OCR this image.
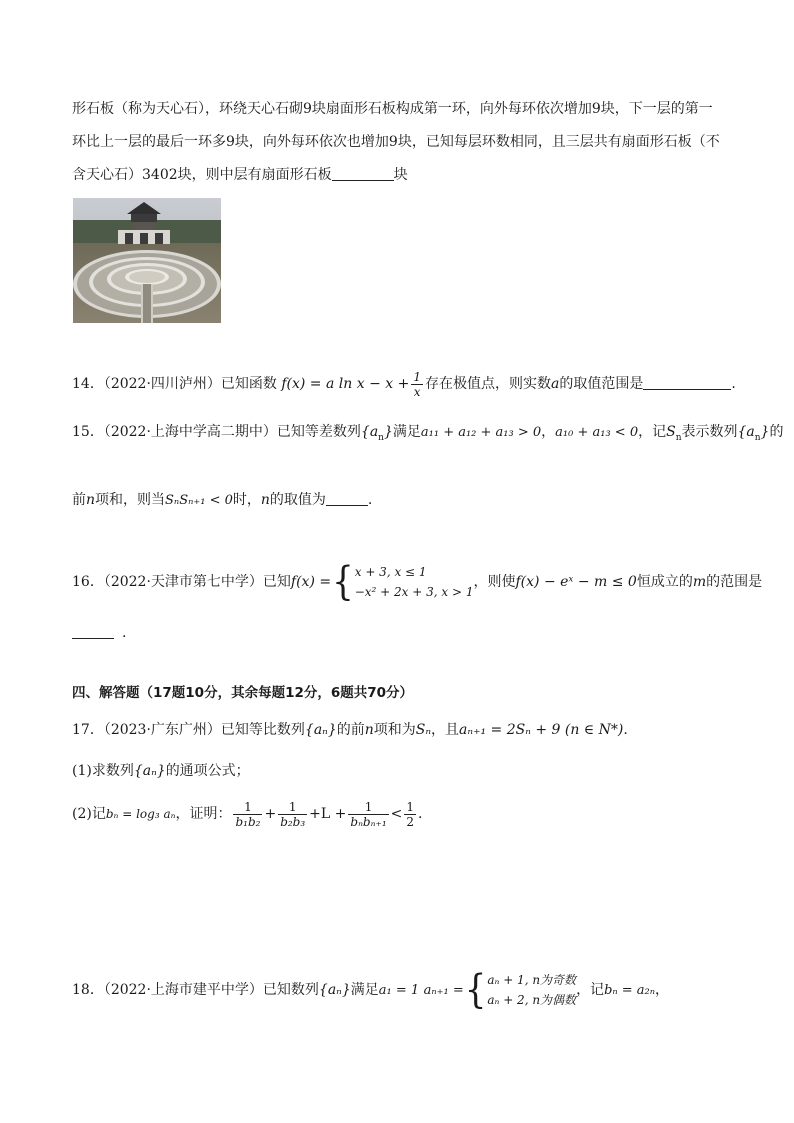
形石板（称为天心石），环绕天心石砌9块扇面形石板构成第一环，向外每环依次增加9块，下一层的第一
环比上一层的最后一环多9块，向外每环依次也增加9块，已知每层环数相同，且三层共有扇面形石板（不
含天心石）3402块，则中层有扇面形石板	块
14．（2022·四川泸州）已知函数 f(x) = a $\ln x - x + \frac{1}{x}$ 存在极值点，则实数a的取值范围是	.
15．（2022·上海中学高二期中）已知等差数列$\{a_n\}$满足a₁₁ + a₁₂ + a₁₃ > 0，a₁₀ + a₁₃ < 0，记$S_n$表示数列$\{a_n\}$的
前n项和，则当SₙSₙ₊₁ < 0时，n的取值为	.
16．（2022·天津市第七中学）已知f(x) ={ x + 3, x ≤ 1
−x² + 2x + 3, x > 1
，则使f(x) − eˣ − m ≤ 0恒成立的m的范围是
.
四、解答题（17题10分，其余每题12分，6题共70分）
17．（2023·广东广州）已知等比数列{aₙ}的前n项和为Sₙ，且aₙ₊₁ = 2Sₙ + 9 (n ∈ N*).
(1)求数列{aₙ}的通项公式；
(2)记bₙ = log₃ aₙ，证明： $\frac{1}{\text{b₁b₂}} + \frac{1}{\text{b₂b₃}} +L + \frac{1}{\text{bₙbₙ₊₁}} < \frac{1}{2}$ .
18．（2022·上海市建平中学）已知数列{aₙ}满足a₁ = 1 aₙ₊₁ ={ aₙ + 1, n为奇数
aₙ + 2, n为偶数
，记bₙ = a₂ₙ，
